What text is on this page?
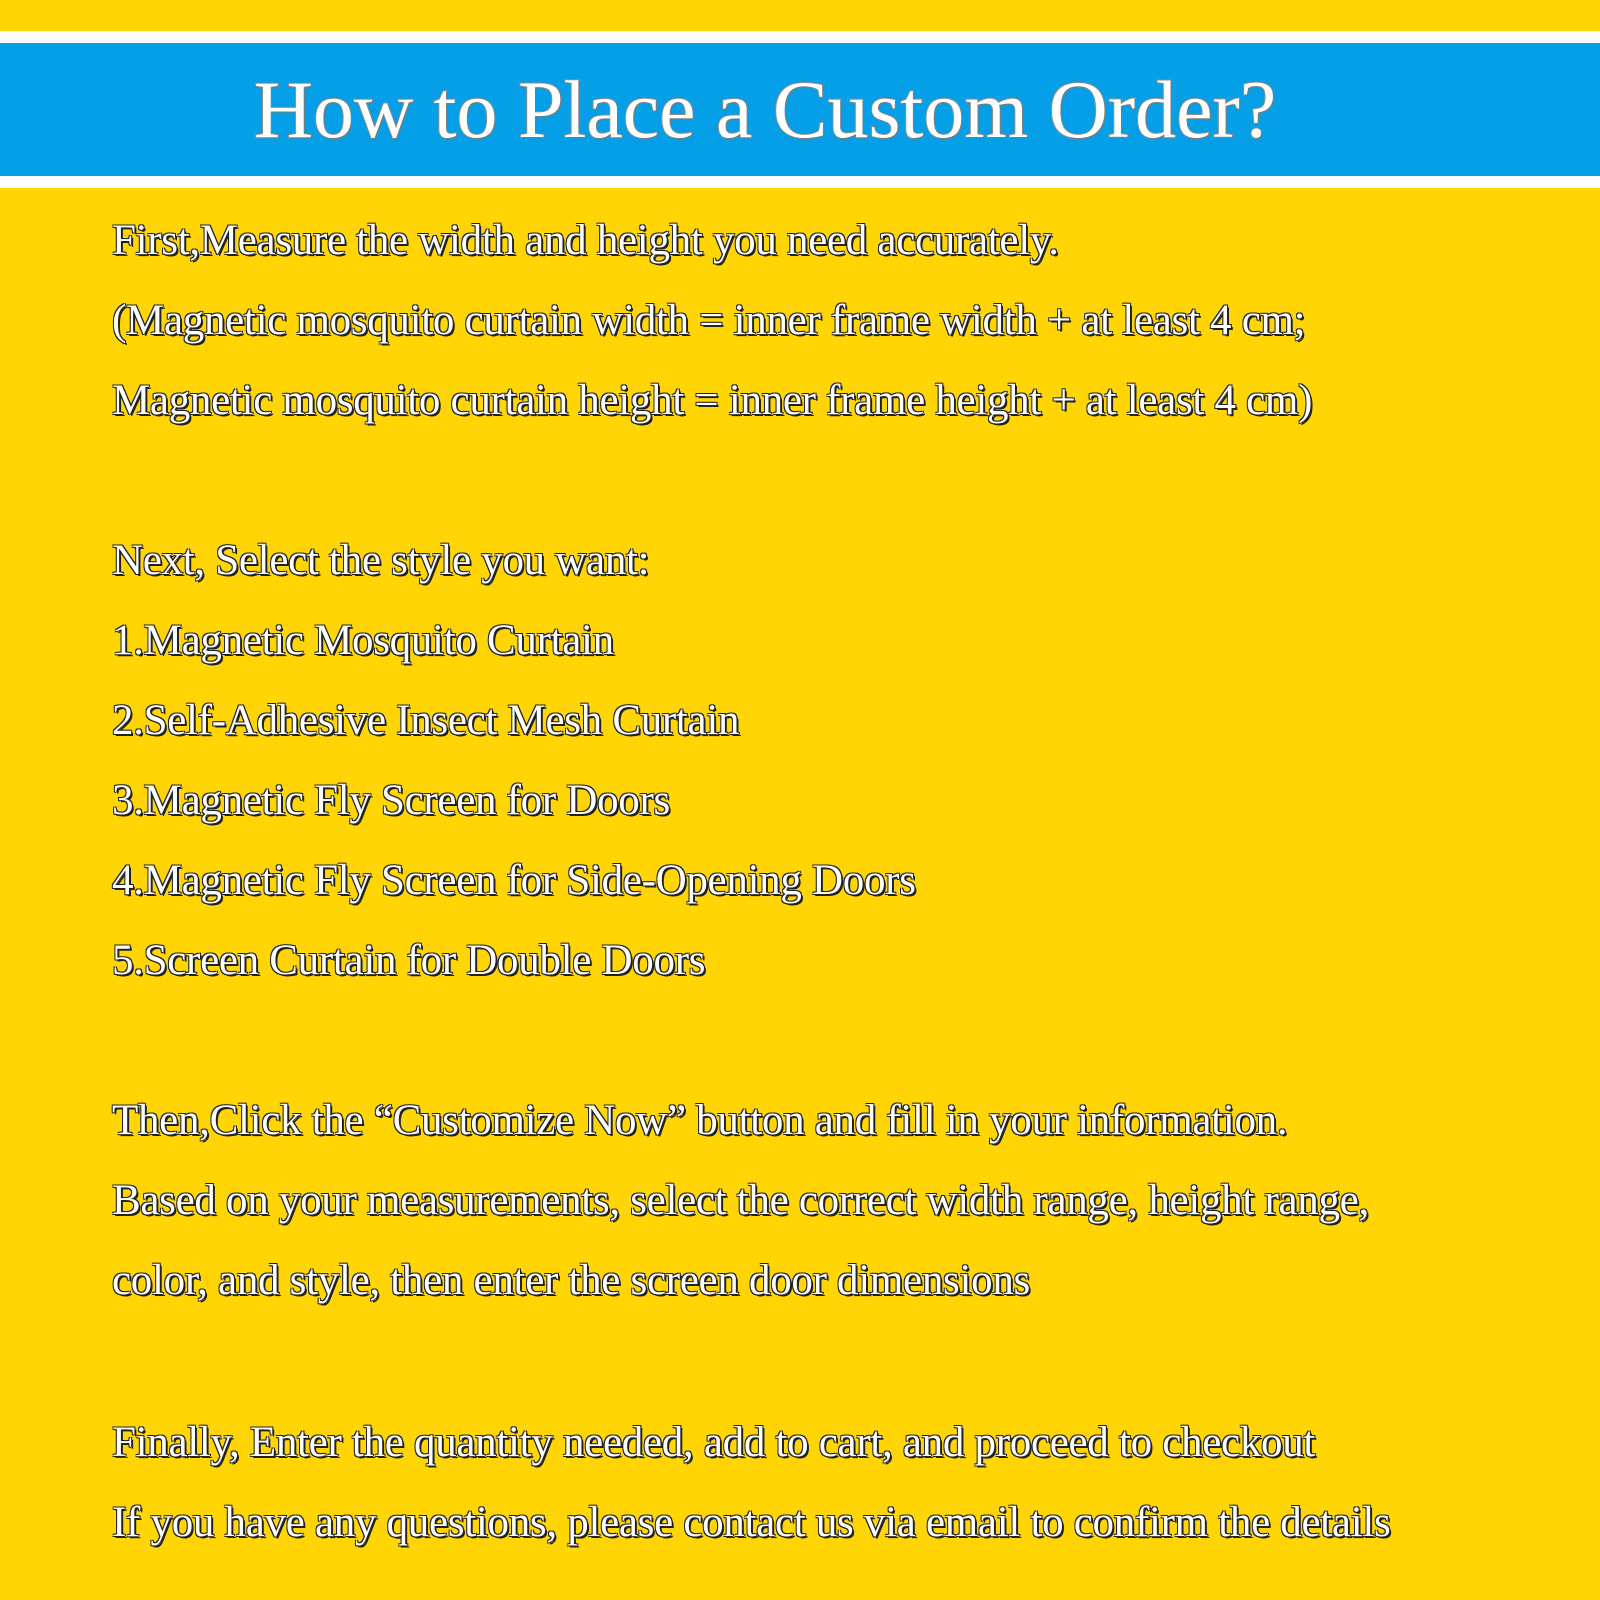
How to Place a Custom Order?

First,Measure the width and height you need accurately.

(Magnetic mosquito curtain width = inner frame width + at least 4 cm;

Magnetic mosquito curtain height = inner frame height + at least 4 cm)

Next, Select the style you want:

1.Magnetic Mosquito Curtain

2.Self-Adhesive Insect Mesh Curtain

3.Magnetic Fly Screen for Doors

4.Magnetic Fly Screen for Side-Opening Doors

5.Screen Curtain for Double Doors

Then,Click the “Customize Now” button and fill in your information.

Based on your measurements, select the correct width range, height range,

color, and style, then enter the screen door dimensions

Finally, Enter the quantity needed, add to cart, and proceed to checkout

If you have any questions, please contact us via email to confirm the details
